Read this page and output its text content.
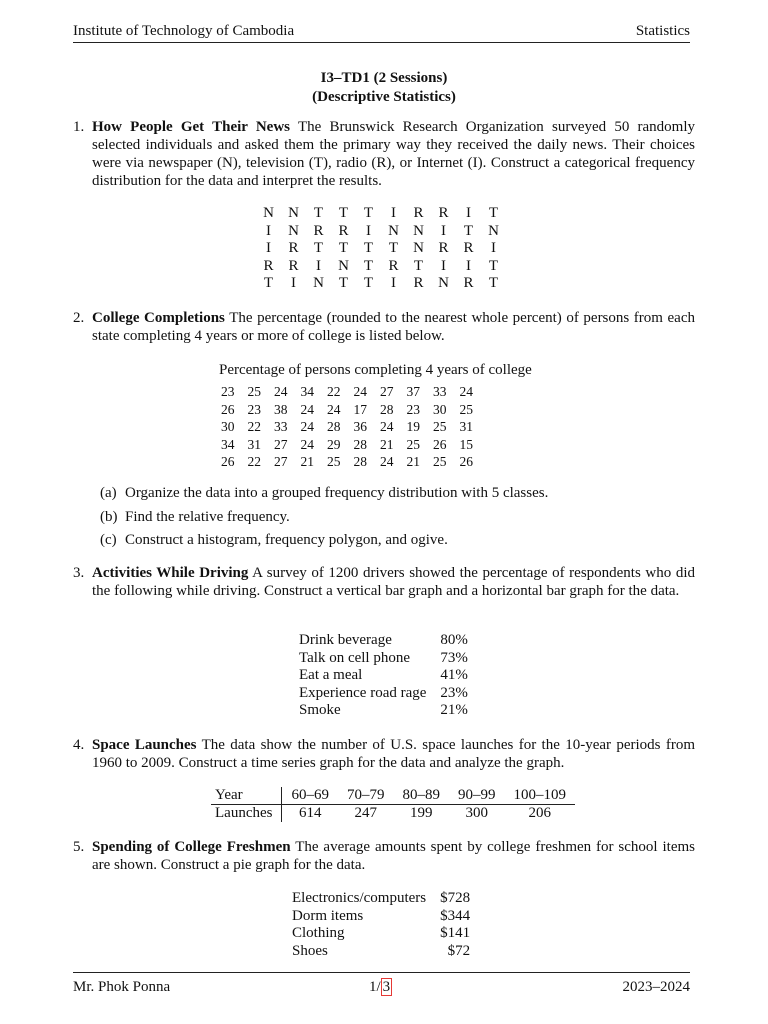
Institute of Technology of Cambodia	Statistics
I3–TD1 (2 Sessions)
(Descriptive Statistics)
1. How People Get Their News The Brunswick Research Organization surveyed 50 randomly selected individuals and asked them the primary way they received the daily news. Their choices were via newspaper (N), television (T), radio (R), or Internet (I). Construct a categorical frequency distribution for the data and interpret the results.
N	N	T	T	T	I	R	R	I	T
I	N	R	R	I	N	N	I	T	N
I	R	T	T	T	T	N	R	R	I
R	R	I	N	T	R	T	I	I	T
T	I	N	T	T	I	R	N	R	T
2. College Completions The percentage (rounded to the nearest whole percent) of persons from each state completing 4 years or more of college is listed below.
Percentage of persons completing 4 years of college
23	25	24	34	22	24	27	37	33	24
26	23	38	24	24	17	28	23	30	25
30	22	33	24	28	36	24	19	25	31
34	31	27	24	29	28	21	25	26	15
26	22	27	21	25	28	24	21	25	26
(a) Organize the data into a grouped frequency distribution with 5 classes.
(b) Find the relative frequency.
(c) Construct a histogram, frequency polygon, and ogive.
3. Activities While Driving A survey of 1200 drivers showed the percentage of respondents who did the following while driving. Construct a vertical bar graph and a horizontal bar graph for the data.
Drink beverage	80%
Talk on cell phone	73%
Eat a meal	41%
Experience road rage	23%
Smoke	21%
4. Space Launches The data show the number of U.S. space launches for the 10-year periods from 1960 to 2009. Construct a time series graph for the data and analyze the graph.
Year	60–69	70–79	80–89	90–99	100–109
Launches	614	247	199	300	206
5. Spending of College Freshmen The average amounts spent by college freshmen for school items are shown. Construct a pie graph for the data.
Electronics/computers	$728
Dorm items	$344
Clothing	$141
Shoes	$72
Mr. Phok Ponna	1/ 3	2023–2024
